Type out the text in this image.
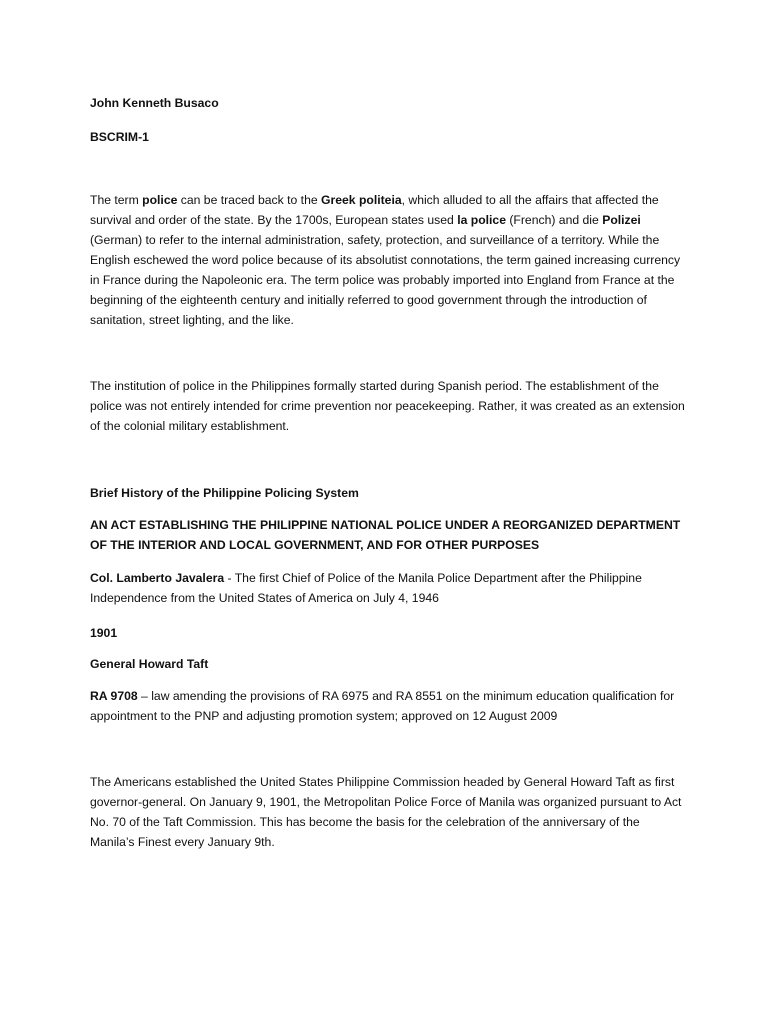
John Kenneth Busaco

BSCRIM-1

The term police can be traced back to the Greek politeia, which alluded to all the affairs that affected the survival and order of the state. By the 1700s, European states used la police (French) and die Polizei (German) to refer to the internal administration, safety, protection, and surveillance of a territory. While the English eschewed the word police because of its absolutist connotations, the term gained increasing currency in France during the Napoleonic era. The term police was probably imported into England from France at the beginning of the eighteenth century and initially referred to good government through the introduction of sanitation, street lighting, and the like.

The institution of police in the Philippines formally started during Spanish period. The establishment of the police was not entirely intended for crime prevention nor peacekeeping. Rather, it was created as an extension of the colonial military establishment.

Brief History of the Philippine Policing System

AN ACT ESTABLISHING THE PHILIPPINE NATIONAL POLICE UNDER A REORGANIZED DEPARTMENT OF THE INTERIOR AND LOCAL GOVERNMENT, AND FOR OTHER PURPOSES

Col. Lamberto Javalera - The first Chief of Police of the Manila Police Department after the Philippine Independence from the United States of America on July 4, 1946

1901

General Howard Taft

RA 9708 – law amending the provisions of RA 6975 and RA 8551 on the minimum education qualification for appointment to the PNP and adjusting promotion system; approved on 12 August 2009

The Americans established the United States Philippine Commission headed by General Howard Taft as first governor-general. On January 9, 1901, the Metropolitan Police Force of Manila was organized pursuant to Act No. 70 of the Taft Commission. This has become the basis for the celebration of the anniversary of the Manila’s Finest every January 9th.
